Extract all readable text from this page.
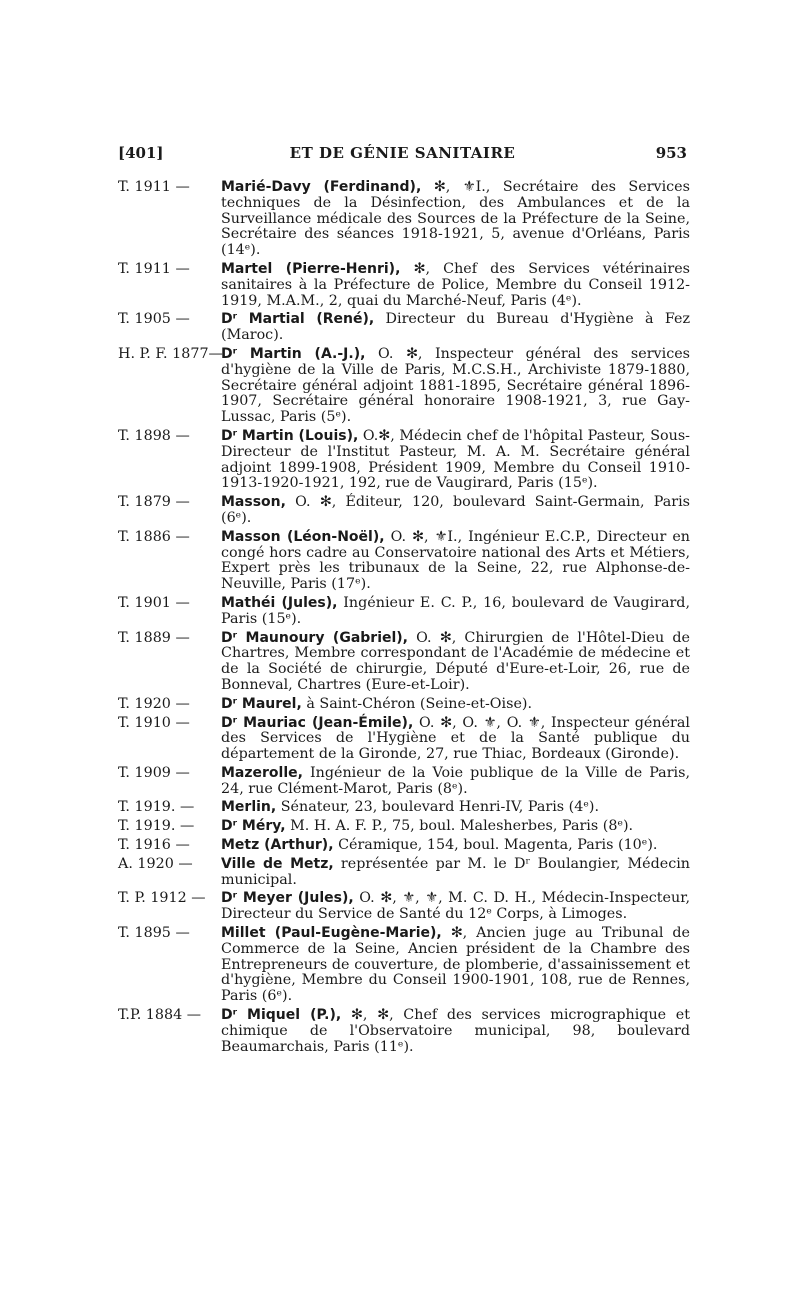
[401]	ET DE GÉNIE SANITAIRE	953
T. 1911 — Marié-Davy (Ferdinand), ✻, ⚜I., Secrétaire des Services techniques de la Désinfection, des Ambulances et de la Surveillance médicale des Sources de la Préfecture de la Seine, Secrétaire des séances 1918-1921, 5, avenue d'Orléans, Paris (14ᵉ).
T. 1911 — Martel (Pierre-Henri), ✻, Chef des Services vétérinaires sanitaires à la Préfecture de Police, Membre du Conseil 1912-1919, M.A.M., 2, quai du Marché-Neuf, Paris (4ᵉ).
T. 1905 — Dʳ Martial (René), Directeur du Bureau d'Hygiène à Fez (Maroc).
H. P. F. 1877—
Dʳ Martin (A.-J.), O. ✻, Inspecteur général des services d'hygiène de la Ville de Paris, M.C.S.H., Archiviste 1879-1880, Secrétaire général adjoint 1881-1895, Secrétaire général 1896-1907, Secrétaire général honoraire 1908-1921, 3, rue Gay-Lussac, Paris (5ᵉ).
T. 1898 — Dʳ Martin (Louis), O.✻, Médecin chef de l'hôpital Pasteur, Sous-Directeur de l'Institut Pasteur, M. A. M. Secrétaire général adjoint 1899-1908, Président 1909, Membre du Conseil 1910-1913-1920-1921, 192, rue de Vaugirard, Paris (15ᵉ).
T. 1879 — Masson, O. ✻, Éditeur, 120, boulevard Saint-Germain, Paris (6ᵉ).
T. 1886 — Masson (Léon-Noël), O. ✻, ⚜I., Ingénieur E.C.P., Directeur en congé hors cadre au Conservatoire national des Arts et Métiers, Expert près les tribunaux de la Seine, 22, rue Alphonse-de-Neuville, Paris (17ᵉ).
T. 1901 — Mathéi (Jules), Ingénieur E. C. P., 16, boulevard de Vaugirard, Paris (15ᵉ).
T. 1889 — Dʳ Maunoury (Gabriel), O. ✻, Chirurgien de l'Hôtel-Dieu de Chartres, Membre correspondant de l'Académie de médecine et de la Société de chirurgie, Député d'Eure-et-Loir, 26, rue de Bonneval, Chartres (Eure-et-Loir).
T. 1920 — Dʳ Maurel, à Saint-Chéron (Seine-et-Oise).
T. 1910 — Dʳ Mauriac (Jean-Émile), O. ✻, O. ⚜, O. ⚜, Inspecteur général des Services de l'Hygiène et de la Santé publique du département de la Gironde, 27, rue Thiac, Bordeaux (Gironde).
T. 1909 — Mazerolle, Ingénieur de la Voie publique de la Ville de Paris, 24, rue Clément-Marot, Paris (8ᵉ).
T. 1919. — Merlin, Sénateur, 23, boulevard Henri-IV, Paris (4ᵉ).
T. 1919. — Dʳ Méry, M. H. A. F. P., 75, boul. Malesherbes, Paris (8ᵉ).
T. 1916 — Metz (Arthur), Céramique, 154, boul. Magenta, Paris (10ᵉ).
A. 1920 — Ville de Metz, représentée par M. le Dʳ Boulangier, Médecin municipal.
T. P. 1912 — Dʳ Meyer (Jules), O. ✻, ⚜, ⚜, M. C. D. H., Médecin-Inspecteur, Directeur du Service de Santé du 12ᵉ Corps, à Limoges.
T. 1895 — Millet (Paul-Eugène-Marie), ✻, Ancien juge au Tribunal de Commerce de la Seine, Ancien président de la Chambre des Entrepreneurs de couverture, de plomberie, d'assainissement et d'hygiène, Membre du Conseil 1900-1901, 108, rue de Rennes, Paris (6ᵉ).
T.P. 1884 — Dʳ Miquel (P.), ✻, ✻, Chef des services micrographique et chimique de l'Observatoire municipal, 98, boulevard Beaumarchais, Paris (11ᵉ).
